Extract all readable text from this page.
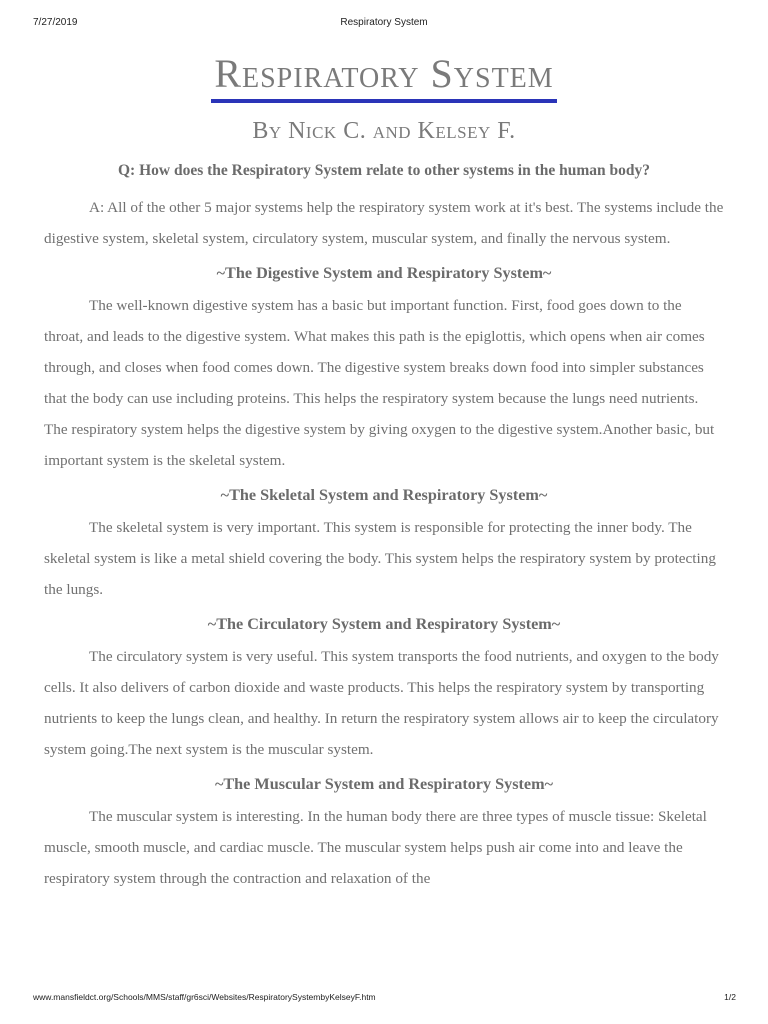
7/27/2019	Respiratory System
Respiratory System
By Nick C. and Kelsey F.
Q: How does the Respiratory System relate to other systems in the human body?

A: All of the other 5 major systems help the respiratory system work at it's best. The systems include the digestive system, skeletal system, circulatory system, muscular system, and finally the nervous system.

~The Digestive System and Respiratory System~

The well-known digestive system has a basic but important function. First, food goes down to the throat, and leads to the digestive system. What makes this path is the epiglottis, which opens when air comes through, and closes when food comes down. The digestive system breaks down food into simpler substances that the body can use including proteins. This helps the respiratory system because the lungs need nutrients. The respiratory system helps the digestive system by giving oxygen to the digestive system.Another basic, but important system is the skeletal system.

~The Skeletal System and Respiratory System~

The skeletal system is very important. This system is responsible for protecting the inner body. The skeletal system is like a metal shield covering the body. This system helps the respiratory system by protecting the lungs.

~The Circulatory System and Respiratory System~

The circulatory system is very useful. This system transports the food nutrients, and oxygen to the body cells. It also delivers of carbon dioxide and waste products. This helps the respiratory system by transporting nutrients to keep the lungs clean, and healthy. In return the respiratory system allows air to keep the circulatory system going.The next system is the muscular system.

~The Muscular System and Respiratory System~

The muscular system is interesting. In the human body there are three types of muscle tissue: Skeletal muscle, smooth muscle, and cardiac muscle. The muscular system helps push air come into and leave the respiratory system through the contraction and relaxation of the

www.mansfieldct.org/Schools/MMS/staff/gr6sci/Websites/RespiratorySystembyKelseyF.htm	1/2
